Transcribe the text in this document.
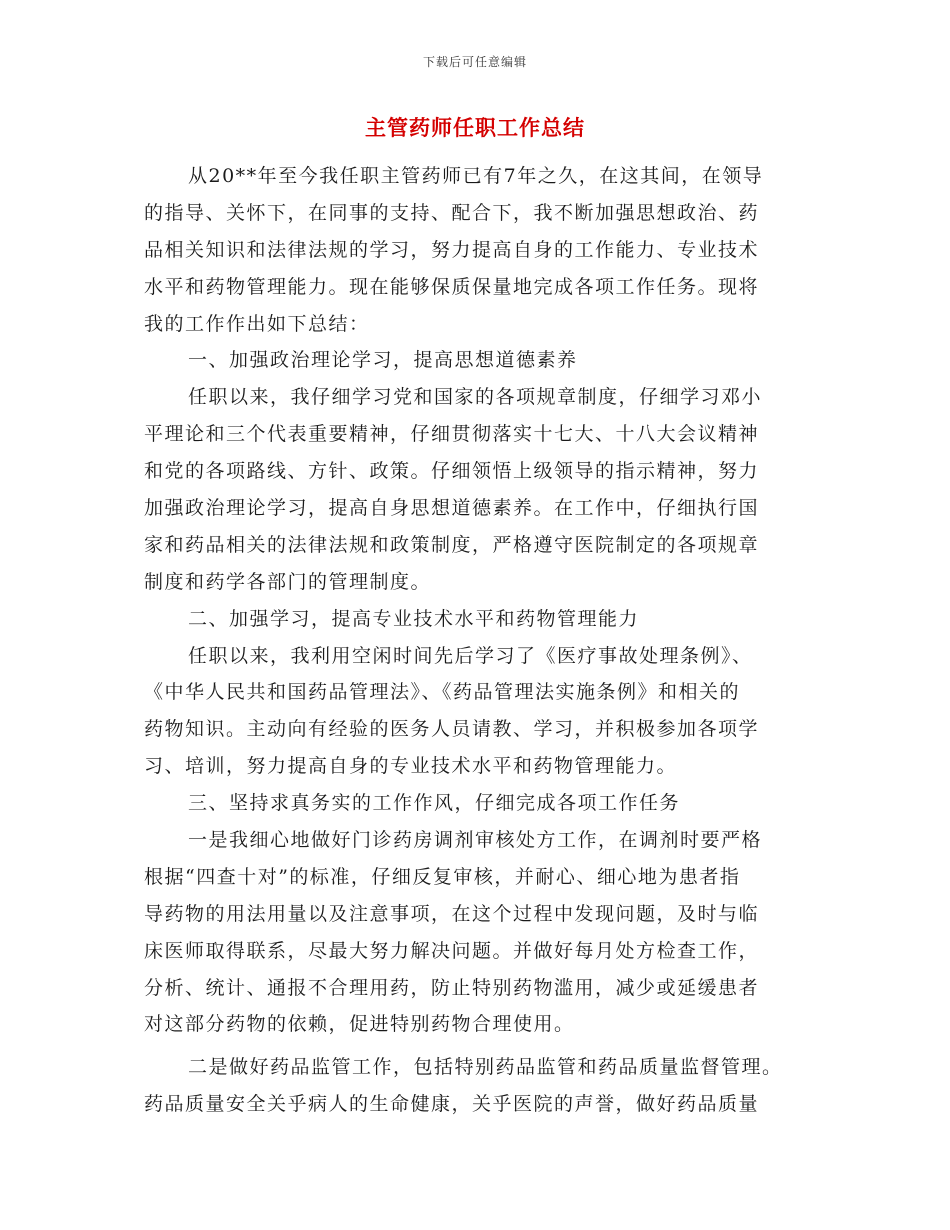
下载后可任意编辑
主管药师任职工作总结
从20**年至今我任职主管药师已有7年之久，在这其间，在领导
的指导、关怀下，在同事的支持、配合下，我不断加强思想政治、药
品相关知识和法律法规的学习，努力提高自身的工作能力、专业技术
水平和药物管理能力。现在能够保质保量地完成各项工作任务。现将
我的工作作出如下总结：
一、加强政治理论学习，提高思想道德素养
任职以来，我仔细学习党和国家的各项规章制度，仔细学习邓小
平理论和三个代表重要精神，仔细贯彻落实十七大、十八大会议精神
和党的各项路线、方针、政策。仔细领悟上级领导的指示精神，努力
加强政治理论学习，提高自身思想道德素养。在工作中，仔细执行国
家和药品相关的法律法规和政策制度，严格遵守医院制定的各项规章
制度和药学各部门的管理制度。
二、加强学习，提高专业技术水平和药物管理能力
任职以来，我利用空闲时间先后学习了《医疗事故处理条例》、
《中华人民共和国药品管理法》、《药品管理法实施条例》和相关的
药物知识。主动向有经验的医务人员请教、学习，并积极参加各项学
习、培训，努力提高自身的专业技术水平和药物管理能力。
三、坚持求真务实的工作作风，仔细完成各项工作任务
一是我细心地做好门诊药房调剂审核处方工作，在调剂时要严格
根据“四查十对”的标准，仔细反复审核，并耐心、细心地为患者指
导药物的用法用量以及注意事项，在这个过程中发现问题，及时与临
床医师取得联系，尽最大努力解决问题。并做好每月处方检查工作，
分析、统计、通报不合理用药，防止特别药物滥用，减少或延缓患者
对这部分药物的依赖，促进特别药物合理使用。
二是做好药品监管工作，包括特别药品监管和药品质量监督管理。
药品质量安全关乎病人的生命健康，关乎医院的声誉，做好药品质量
